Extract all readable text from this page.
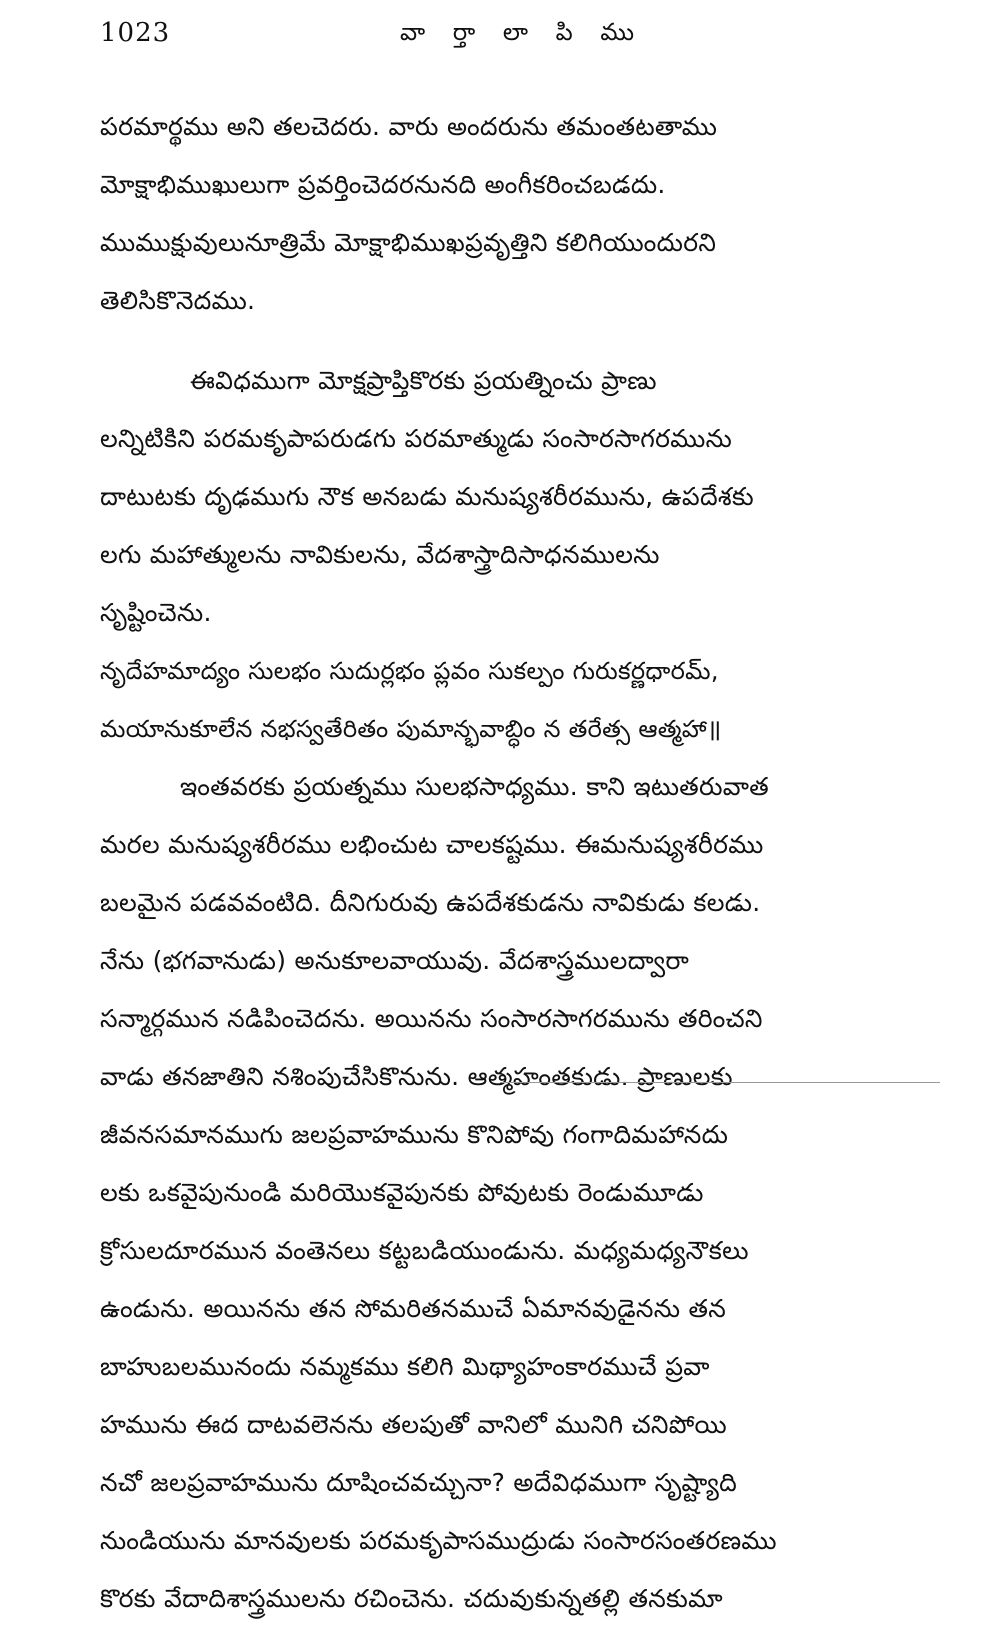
1023	వా ర్తా లా పి ము
పరమార్థము అని తలచెదరు. వారు అందరును తమంతటతాము
మోక్షాభిముఖులుగా ప్రవర్తించెదరనునది అంగీకరించబడదు.
ముముక్షువులునూత్రిమే మోక్షాభిముఖప్రవృత్తిని కలిగియుందురని
తెలిసికొనెదము.
ఈవిధముగా మోక్షప్రాప్తికొరకు ప్రయత్నించు ప్రాణు
లన్నిటికిని పరమకృపాపరుడగు పరమాత్ముడు సంసారసాగరమును
దాటుటకు దృఢముగు నౌక అనబడు మనుష్యశరీరమును, ఉపదేశకు
లగు మహాత్ములను నావికులను, వేదశాస్త్రాదిసాధనములను
సృష్టించెను.
నృదేహమాద్యం సులభం సుదుర్లభం ప్లవం సుకల్పం గురుకర్ణధారమ్,
మయానుకూలేన నభస్వతేరితం పుమాన్భవాబ్ధిం న తరేత్స ఆత్మహా॥
ఇంతవరకు ప్రయత్నము సులభసాధ్యము. కాని ఇటుతరువాత
మరల మనుష్యశరీరము లభించుట చాలకష్టము. ఈమనుష్యశరీరము
బలమైన పడవవంటిది. దీనిగురువు ఉపదేశకుడను నావికుడు కలడు.
నేను (భగవానుడు) అనుకూలవాయువు. వేదశాస్త్రములద్వారా
సన్మార్గమున నడిపించెదను. అయినను సంసారసాగరమును తరించని
వాడు తనజాతిని నశింపుచేసికొనును. ఆత్మహంతకుడు. ప్రాణులకు
జీవనసమానముగు జలప్రవాహమును కొనిపోవు గంగాదిమహానదు
లకు ఒకవైపునుండి మరియొకవైపునకు పోవుటకు రెండుమూడు
క్రోసులదూరమున వంతెనలు కట్టబడియుండును. మధ్యమధ్యనౌకలు
ఉండును. అయినను తన సోమరితనముచే ఏమానవుడైనను తన
బాహుబలమునందు నమ్మకము కలిగి మిథ్యాహంకారముచే ప్రవా
హమును ఈద దాటవలెనను తలపుతో వానిలో మునిగి చనిపోయి
నచో జలప్రవాహమును దూషించవచ్చునా? అదేవిధముగా సృష్ట్యాది
నుండియును మానవులకు పరమకృపాసముద్రుడు సంసారసంతరణము
కొరకు వేదాదిశాస్త్రములను రచించెను. చదువుకున్నతల్లి తనకుమా
